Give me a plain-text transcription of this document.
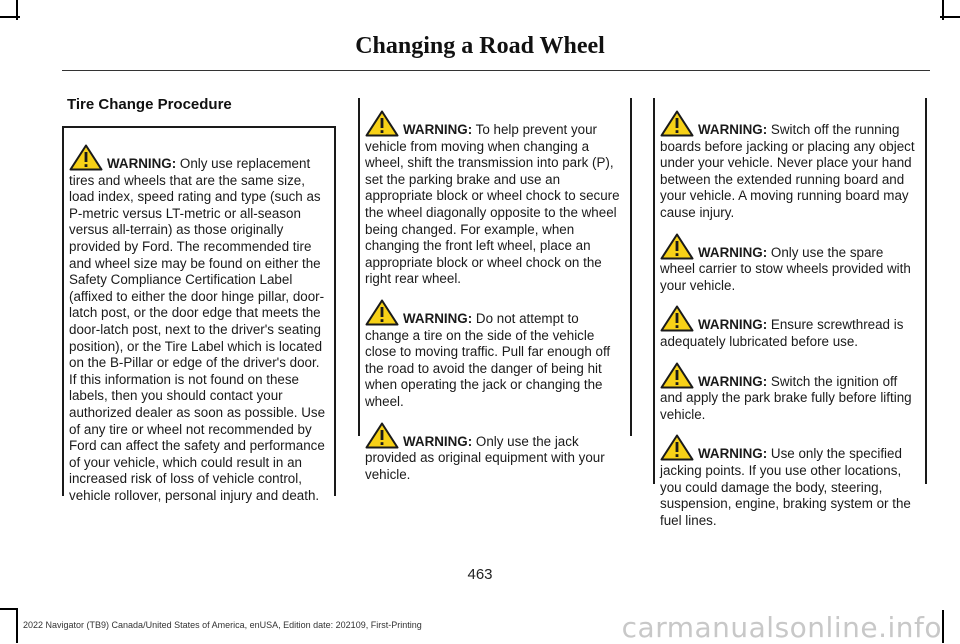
Changing a Road Wheel
Tire Change Procedure

WARNING: Only use replacement tires and wheels that are the same size, load index, speed rating and type (such as P-metric versus LT-metric or all-season versus all-terrain) as those originally provided by Ford. The recommended tire and wheel size may be found on either the Safety Compliance Certification Label (affixed to either the door hinge pillar, door-latch post, or the door edge that meets the door-latch post, next to the driver's seating position), or the Tire Label which is located on the B-Pillar or edge of the driver's door. If this information is not found on these labels, then you should contact your authorized dealer as soon as possible. Use of any tire or wheel not recommended by Ford can affect the safety and performance of your vehicle, which could result in an increased risk of loss of vehicle control, vehicle rollover, personal injury and death.

WARNING: To help prevent your vehicle from moving when changing a wheel, shift the transmission into park (P), set the parking brake and use an appropriate block or wheel chock to secure the wheel diagonally opposite to the wheel being changed. For example, when changing the front left wheel, place an appropriate block or wheel chock on the right rear wheel.

WARNING: Do not attempt to change a tire on the side of the vehicle close to moving traffic. Pull far enough off the road to avoid the danger of being hit when operating the jack or changing the wheel.

WARNING: Only use the jack provided as original equipment with your vehicle.

WARNING: Switch off the running boards before jacking or placing any object under your vehicle. Never place your hand between the extended running board and your vehicle. A moving running board may cause injury.

WARNING: Only use the spare wheel carrier to stow wheels provided with your vehicle.

WARNING: Ensure screwthread is adequately lubricated before use.

WARNING: Switch the ignition off and apply the park brake fully before lifting vehicle.

WARNING: Use only the specified jacking points. If you use other locations, you could damage the body, steering, suspension, engine, braking system or the fuel lines.

463
2022 Navigator (TB9) Canada/United States of America, enUSA, Edition date: 202109, First-Printing	carmanualsonline.info
